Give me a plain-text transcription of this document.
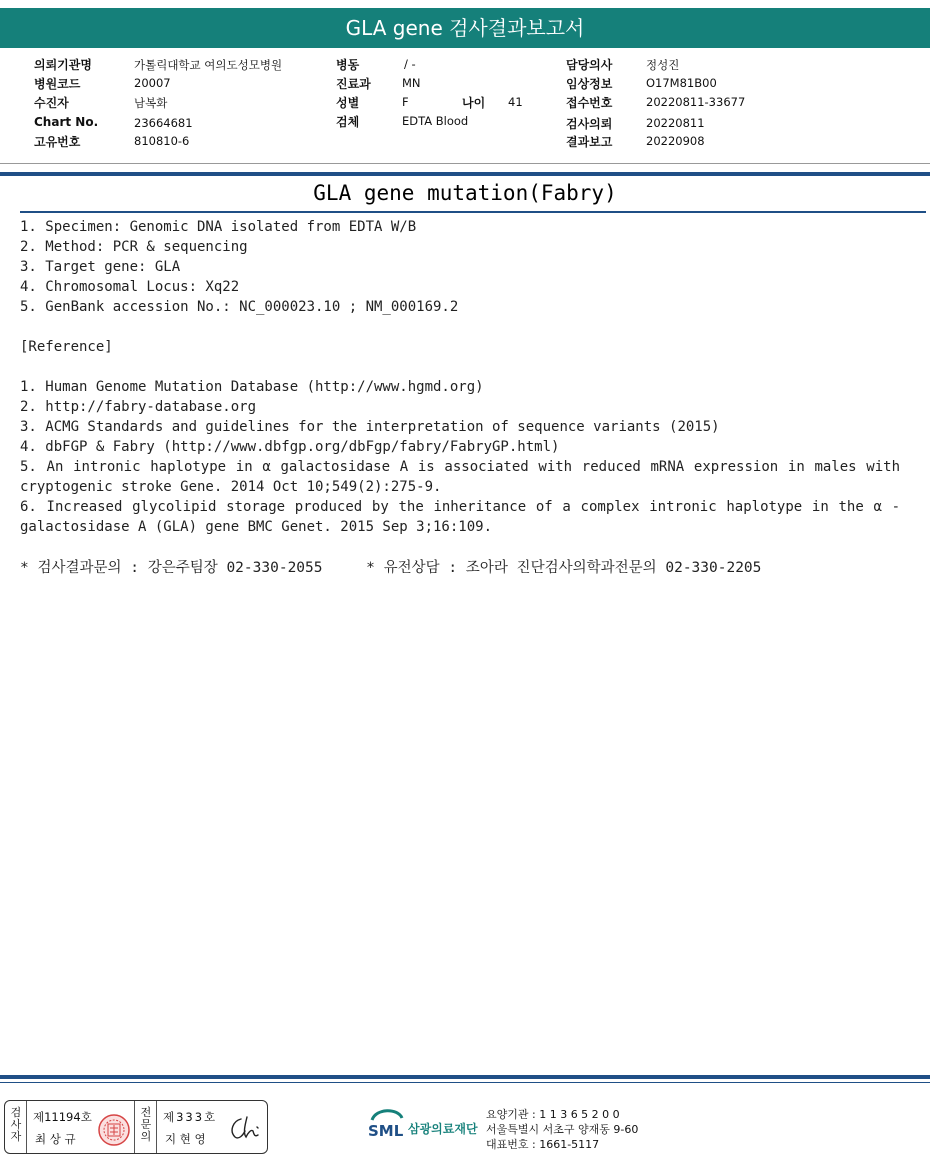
GLA gene 검사결과보고서
의뢰기관명	가톨릭대학교 여의도성모병원
병원코드	20007
수진자	남복화
Chart No.	23664681
고유번호	810810-6
병동	/ -
진료과	MN
성별	F	나이 41
검체	EDTA Blood
담당의사	정성진
임상정보	O17M81B00
접수번호	20220811-33677
검사의뢰	20220811
결과보고	20220908
GLA gene mutation(Fabry)
1. Specimen: Genomic DNA isolated from EDTA W/B
2. Method: PCR & sequencing
3. Target gene: GLA
4. Chromosomal Locus: Xq22
5. GenBank accession No.: NC_000023.10 ; NM_000169.2
[Reference]
1. Human Genome Mutation Database (http://www.hgmd.org)
2. http://fabry-database.org
3. ACMG Standards and guidelines for the interpretation of sequence variants (2015)
4. dbFGP & Fabry (http://www.dbfgp.org/dbFgp/fabry/FabryGP.html)
5. An intronic haplotype in α galactosidase A is associated with reduced mRNA expression in males with cryptogenic stroke Gene. 2014 Oct 10;549(2):275-9.
6. Increased glycolipid storage produced by the inheritance of a complex intronic haplotype in the α -galactosidase A (GLA) gene BMC Genet. 2015 Sep 3;16:109.
* 검사결과문의 : 강은주팀장 02-330-2055     * 유전상담 : 조아라 진단검사의학과전문의 02-330-2205
검사자
제11194호
최 상 규
전문의
제333호
지 현 영	SML 삼광의료재단
요양기관 : 1 1 3 6 5 2 0 0
서울특별시 서초구 양재동 9-60
대표번호 : 1661-5117
